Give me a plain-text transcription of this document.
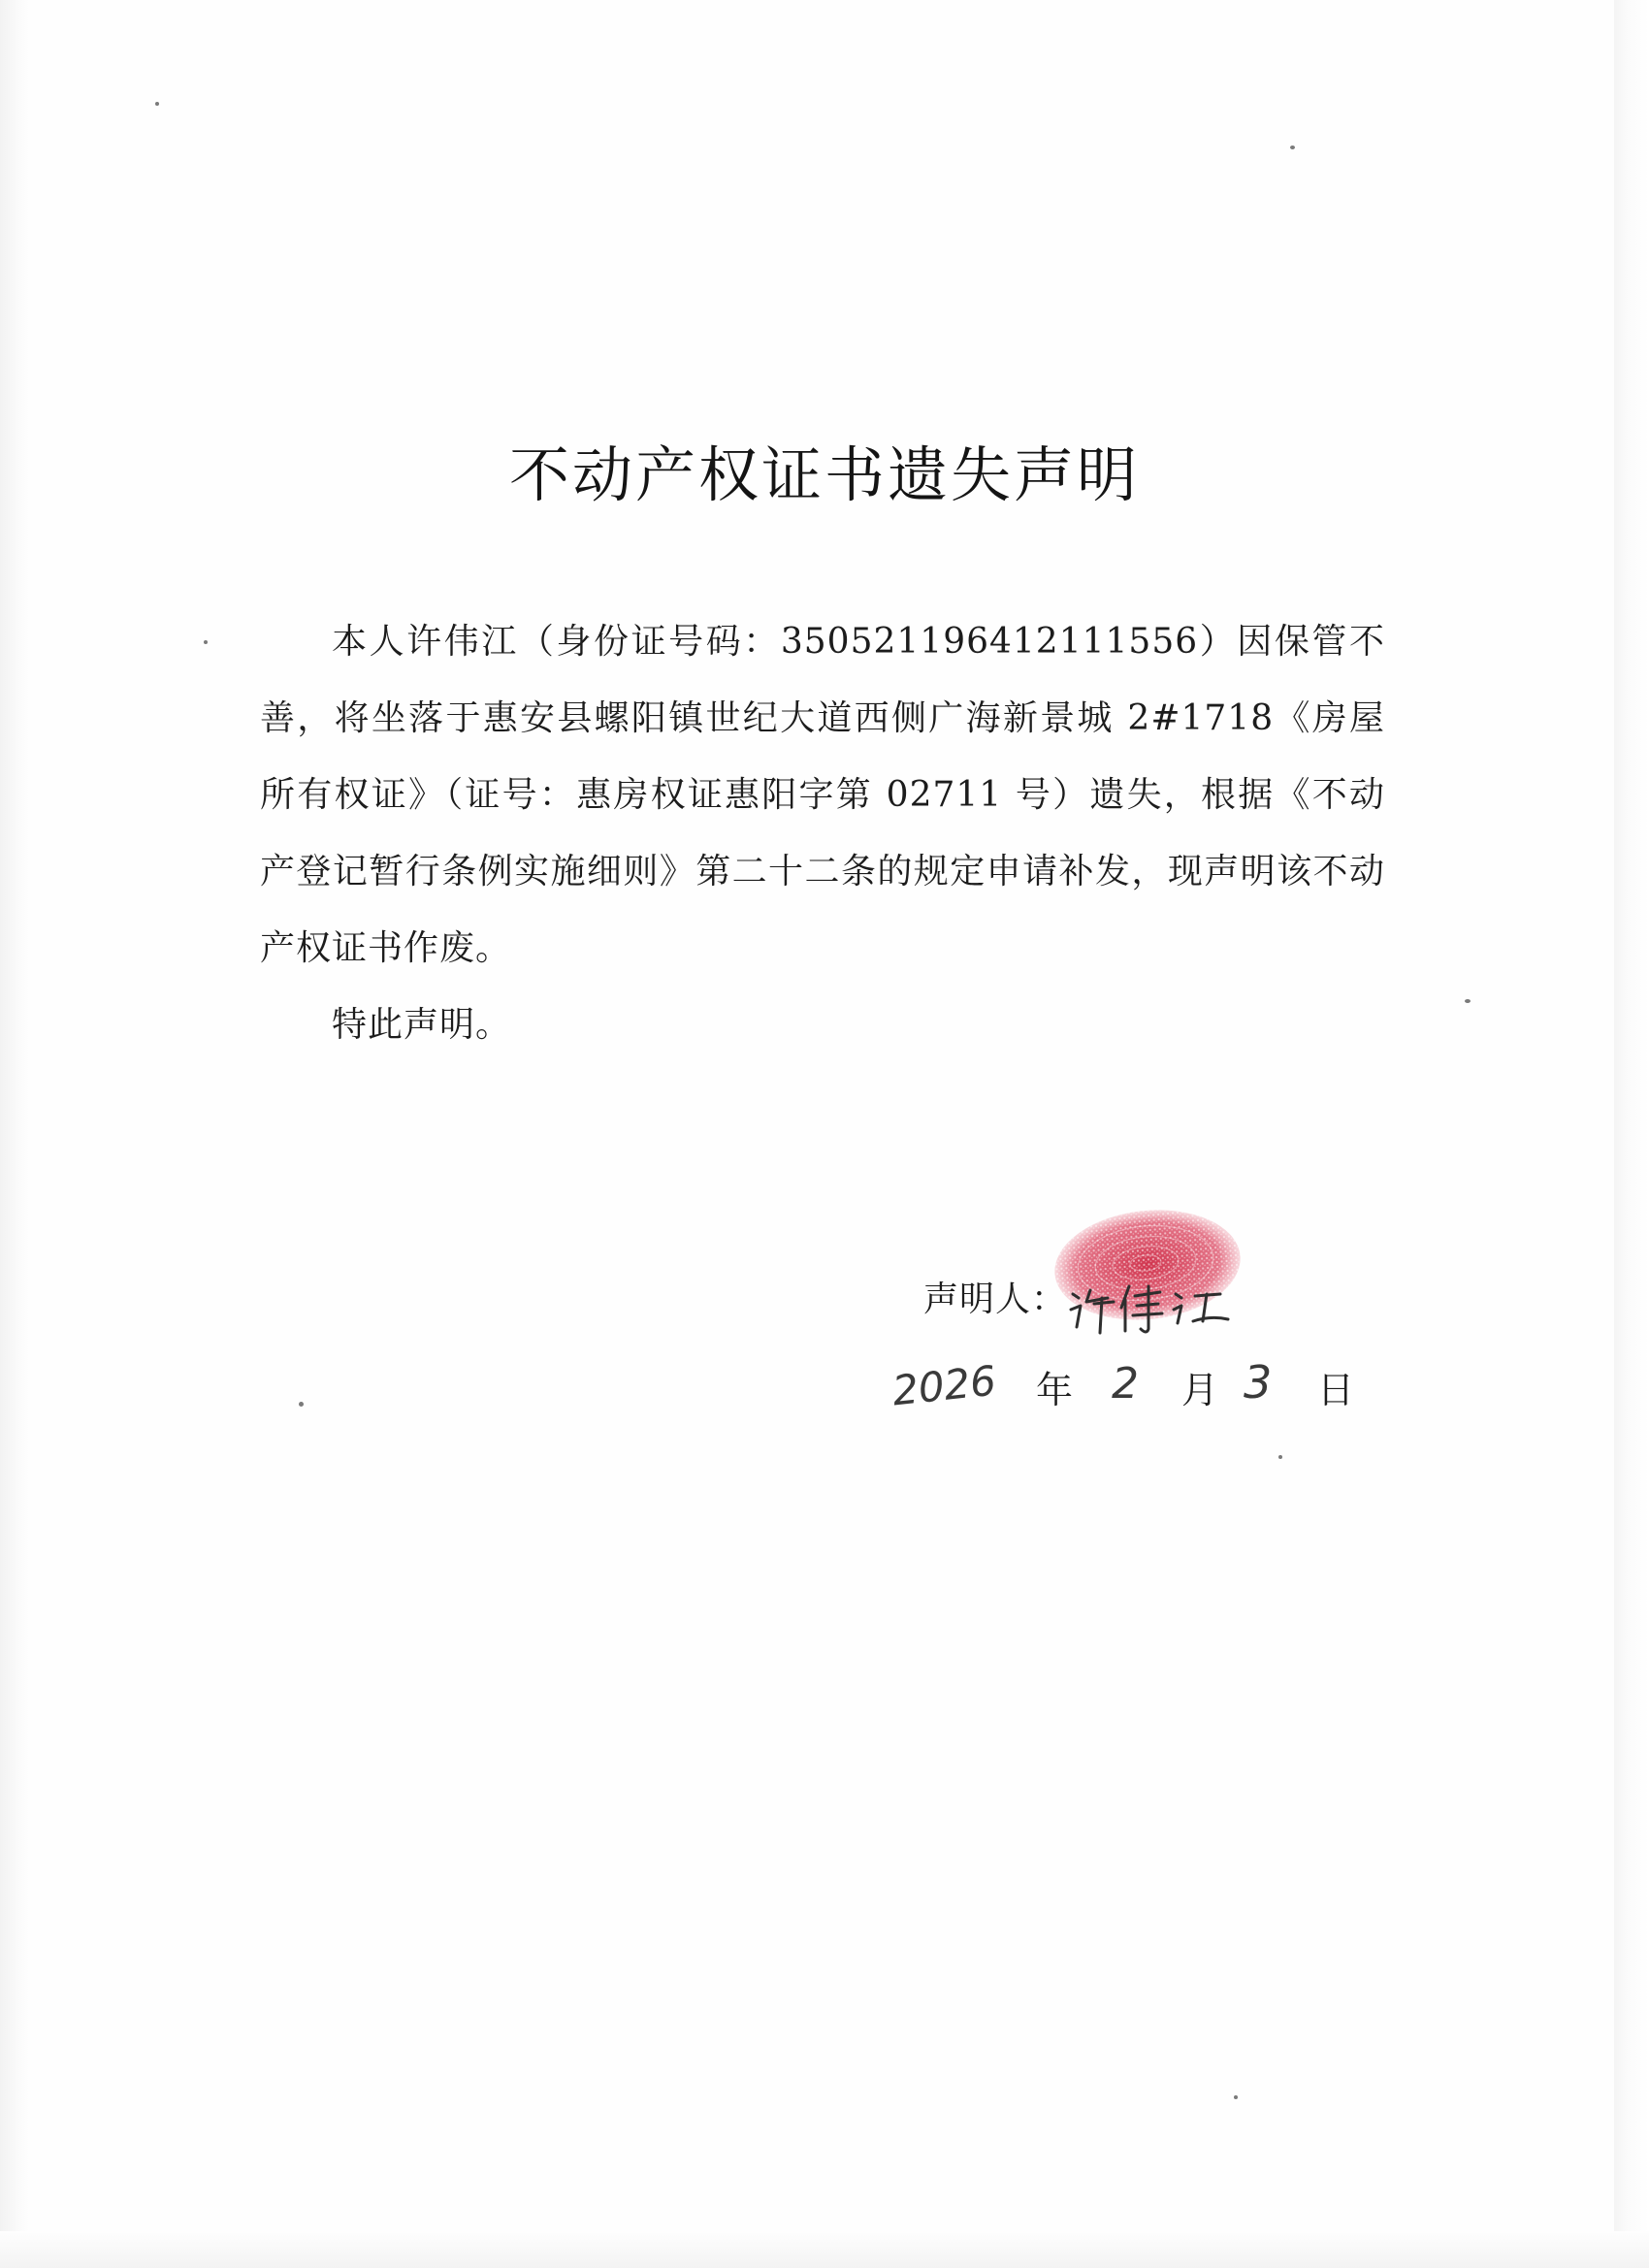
不动产权证书遗失声明

本人许伟江（身份证号码：350521196412111556）因保管不善，将坐落于惠安县螺阳镇世纪大道西侧广海新景城 2#1718《房屋所有权证》（证号：惠房权证惠阳字第 02711 号）遗失，根据《不动产登记暂行条例实施细则》第二十二条的规定申请补发，现声明该不动产权证书作废。

特此声明。

声明人：

2026 年 2 月 3 日
